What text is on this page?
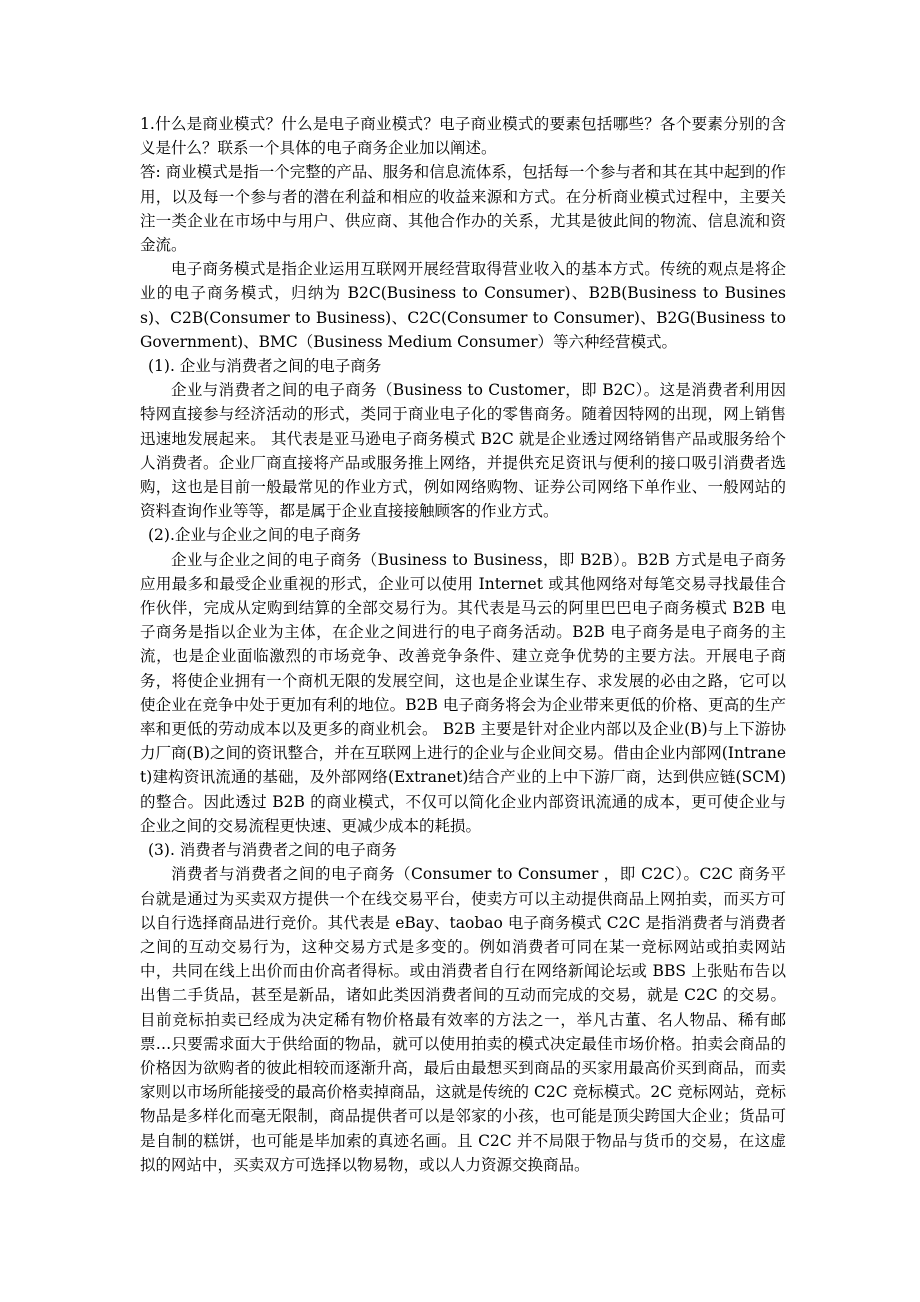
1.什么是商业模式？什么是电子商业模式？电子商业模式的要素包括哪些？各个要素分别的含义是什么？联系一个具体的电子商务企业加以阐述。

答: 商业模式是指一个完整的产品、服务和信息流体系，包括每一个参与者和其在其中起到的作用，以及每一个参与者的潜在利益和相应的收益来源和方式。在分析商业模式过程中，主要关注一类企业在市场中与用户、供应商、其他合作办的关系，尤其是彼此间的物流、信息流和资金流。

电子商务模式是指企业运用互联网开展经营取得营业收入的基本方式。传统的观点是将企业的电子商务模式，归纳为 B2C(Business to Consumer)、B2B(Business to Business)、C2B(Consumer to Business)、C2C(Consumer to Consumer)、B2G(Business to Government)、BMC（Business Medium Consumer）等六种经营模式。

(1). 企业与消费者之间的电子商务

企业与消费者之间的电子商务（Business to Customer，即 B2C）。这是消费者利用因特网直接参与经济活动的形式，类同于商业电子化的零售商务。随着因特网的出现，网上销售迅速地发展起来。 其代表是亚马逊电子商务模式 B2C 就是企业透过网络销售产品或服务给个人消费者。企业厂商直接将产品或服务推上网络，并提供充足资讯与便利的接口吸引消费者选购，这也是目前一般最常见的作业方式，例如网络购物、证券公司网络下单作业、一般网站的资料查询作业等等，都是属于企业直接接触顾客的作业方式。

(2).企业与企业之间的电子商务

企业与企业之间的电子商务（Business to Business，即 B2B）。B2B 方式是电子商务应用最多和最受企业重视的形式，企业可以使用 Internet 或其他网络对每笔交易寻找最佳合作伙伴，完成从定购到结算的全部交易行为。其代表是马云的阿里巴巴电子商务模式 B2B 电子商务是指以企业为主体，在企业之间进行的电子商务活动。B2B 电子商务是电子商务的主流，也是企业面临激烈的市场竞争、改善竞争条件、建立竞争优势的主要方法。开展电子商务，将使企业拥有一个商机无限的发展空间，这也是企业谋生存、求发展的必由之路，它可以使企业在竞争中处于更加有利的地位。B2B 电子商务将会为企业带来更低的价格、更高的生产率和更低的劳动成本以及更多的商业机会。 B2B 主要是针对企业内部以及企业(B)与上下游协力厂商(B)之间的资讯整合，并在互联网上进行的企业与企业间交易。借由企业内部网(Intranet)建构资讯流通的基础，及外部网络(Extranet)结合产业的上中下游厂商，达到供应链(SCM)的整合。因此透过 B2B 的商业模式，不仅可以简化企业内部资讯流通的成本，更可使企业与企业之间的交易流程更快速、更减少成本的耗损。

(3). 消费者与消费者之间的电子商务

消费者与消费者之间的电子商务（Consumer to Consumer ，即 C2C）。C2C 商务平台就是通过为买卖双方提供一个在线交易平台，使卖方可以主动提供商品上网拍卖，而买方可以自行选择商品进行竞价。其代表是 eBay、taobao 电子商务模式 C2C 是指消费者与消费者之间的互动交易行为，这种交易方式是多变的。例如消费者可同在某一竞标网站或拍卖网站中，共同在线上出价而由价高者得标。或由消费者自行在网络新闻论坛或 BBS 上张贴布告以出售二手货品，甚至是新品，诸如此类因消费者间的互动而完成的交易，就是 C2C 的交易。 目前竞标拍卖已经成为决定稀有物价格最有效率的方法之一，举凡古董、名人物品、稀有邮票…只要需求面大于供给面的物品，就可以使用拍卖的模式决定最佳市场价格。拍卖会商品的价格因为欲购者的彼此相较而逐渐升高，最后由最想买到商品的买家用最高价买到商品，而卖家则以市场所能接受的最高价格卖掉商品，这就是传统的 C2C 竞标模式。2C 竞标网站，竞标物品是多样化而毫无限制，商品提供者可以是邻家的小孩，也可能是顶尖跨国大企业；货品可是自制的糕饼，也可能是毕加索的真迹名画。且 C2C 并不局限于物品与货币的交易，在这虚拟的网站中，买卖双方可选择以物易物，或以人力资源交换商品。
